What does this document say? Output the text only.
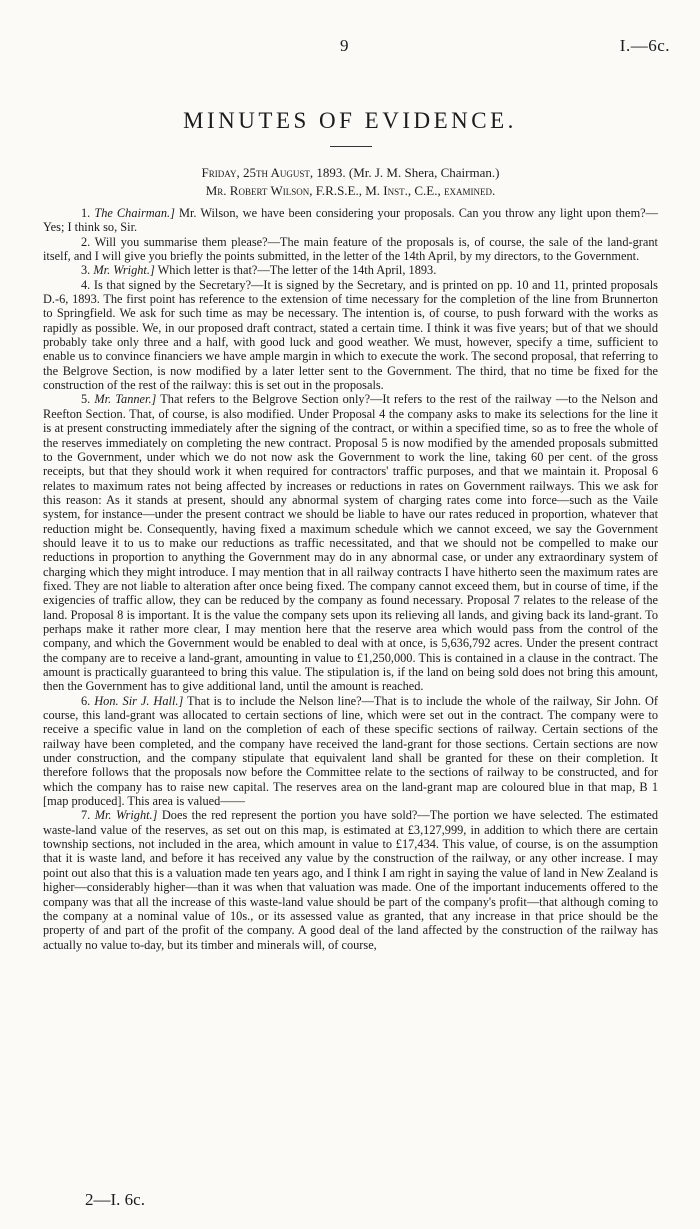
9	I.—6c.
MINUTES OF EVIDENCE.

Friday, 25th August, 1893. (Mr. J. M. Shera, Chairman.)

Mr. Robert Wilson, F.R.S.E., M. Inst., C.E., examined.

1. The Chairman.] Mr. Wilson, we have been considering your proposals. Can you throw any light upon them?—Yes; I think so, Sir.

2. Will you summarise them please?—The main feature of the proposals is, of course, the sale of the land-grant itself, and I will give you briefly the points submitted, in the letter of the 14th April, by my directors, to the Government.

3. Mr. Wright.] Which letter is that?—The letter of the 14th April, 1893.

4. Is that signed by the Secretary?—It is signed by the Secretary, and is printed on pp. 10 and 11, printed proposals D.-6, 1893. The first point has reference to the extension of time necessary for the completion of the line from Brunnerton to Springfield. We ask for such time as may be necessary. The intention is, of course, to push forward with the works as rapidly as possible. We, in our proposed draft contract, stated a certain time. I think it was five years; but of that we should probably take only three and a half, with good luck and good weather. We must, however, specify a time, sufficient to enable us to convince financiers we have ample margin in which to execute the work. The second proposal, that referring to the Belgrove Section, is now modified by a later letter sent to the Government. The third, that no time be fixed for the construction of the rest of the railway: this is set out in the proposals.

5. Mr. Tanner.] That refers to the Belgrove Section only?—It refers to the rest of the railway —to the Nelson and Reefton Section. That, of course, is also modified. Under Proposal 4 the company asks to make its selections for the line it is at present constructing immediately after the signing of the contract, or within a specified time, so as to free the whole of the reserves immediately on completing the new contract. Proposal 5 is now modified by the amended proposals submitted to the Government, under which we do not now ask the Government to work the line, taking 60 per cent. of the gross receipts, but that they should work it when required for contractors' traffic purposes, and that we maintain it. Proposal 6 relates to maximum rates not being affected by increases or reductions in rates on Government railways. This we ask for this reason: As it stands at present, should any abnormal system of charging rates come into force—such as the Vaile system, for instance—under the present contract we should be liable to have our rates reduced in proportion, whatever that reduction might be. Consequently, having fixed a maximum schedule which we cannot exceed, we say the Government should leave it to us to make our reductions as traffic necessitated, and that we should not be compelled to make our reductions in proportion to anything the Government may do in any abnormal case, or under any extraordinary system of charging which they might introduce. I may mention that in all railway contracts I have hitherto seen the maximum rates are fixed. They are not liable to alteration after once being fixed. The company cannot exceed them, but in course of time, if the exigencies of traffic allow, they can be reduced by the company as found necessary. Proposal 7 relates to the release of the land. Proposal 8 is important. It is the value the company sets upon its relieving all lands, and giving back its land-grant. To perhaps make it rather more clear, I may mention here that the reserve area which would pass from the control of the company, and which the Government would be enabled to deal with at once, is 5,636,792 acres. Under the present contract the company are to receive a land-grant, amounting in value to £1,250,000. This is contained in a clause in the contract. The amount is practically guaranteed to bring this value. The stipulation is, if the land on being sold does not bring this amount, then the Government has to give additional land, until the amount is reached.

6. Hon. Sir J. Hall.] That is to include the Nelson line?—That is to include the whole of the railway, Sir John. Of course, this land-grant was allocated to certain sections of line, which were set out in the contract. The company were to receive a specific value in land on the completion of each of these specific sections of railway. Certain sections of the railway have been completed, and the company have received the land-grant for those sections. Certain sections are now under construction, and the company stipulate that equivalent land shall be granted for these on their completion. It therefore follows that the proposals now before the Committee relate to the sections of railway to be constructed, and for which the company has to raise new capital. The reserves area on the land-grant map are coloured blue in that map, B 1 [map produced]. This area is valued——

7. Mr. Wright.] Does the red represent the portion you have sold?—The portion we have selected. The estimated waste-land value of the reserves, as set out on this map, is estimated at £3,127,999, in addition to which there are certain township sections, not included in the area, which amount in value to £17,434. This value, of course, is on the assumption that it is waste land, and before it has received any value by the construction of the railway, or any other increase. I may point out also that this is a valuation made ten years ago, and I think I am right in saying the value of land in New Zealand is higher—considerably higher—than it was when that valuation was made. One of the important inducements offered to the company was that all the increase of this waste-land value should be part of the company's profit—that although coming to the company at a nominal value of 10s., or its assessed value as granted, that any increase in that price should be the property of and part of the profit of the company. A good deal of the land affected by the construction of the railway has actually no value to-day, but its timber and minerals will, of course,

2—I. 6c.
